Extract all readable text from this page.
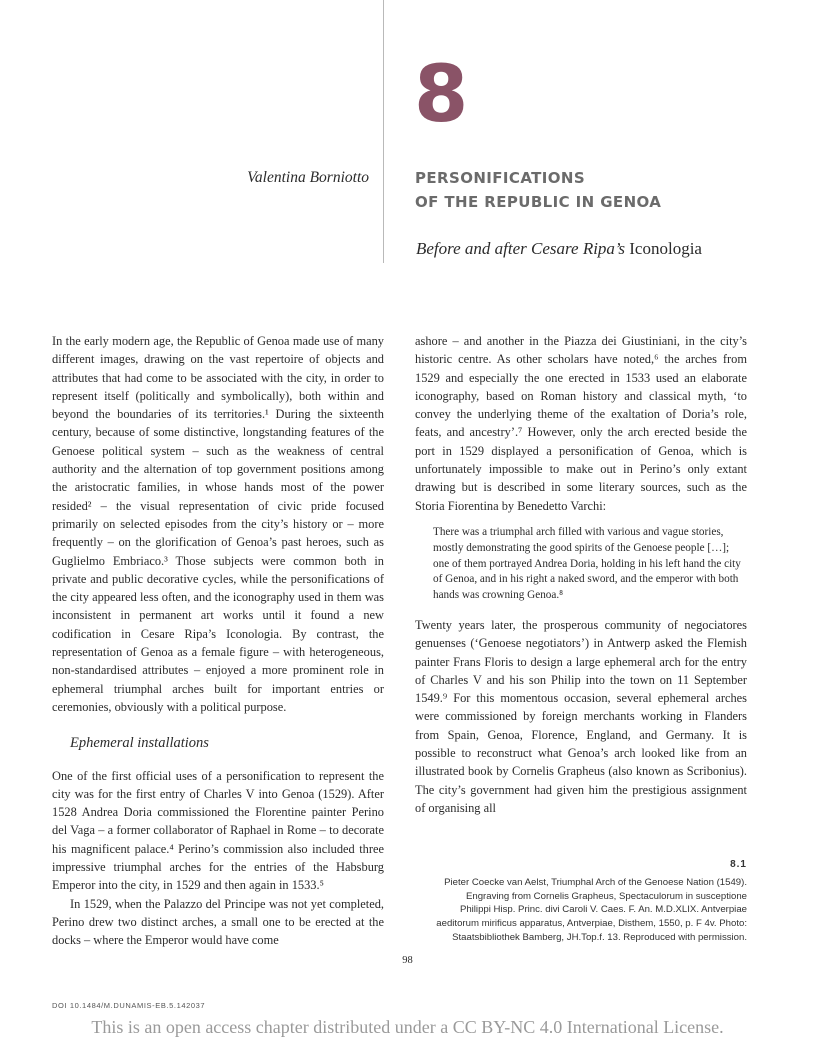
8
Valentina Borniotto	PERSONIFICATIONS
OF THE REPUBLIC IN GENOA
Before and after Cesare Ripa’s Iconologia

In the early modern age, the Republic of Genoa made use of many different images, drawing on the vast repertoire of objects and attributes that had come to be associated with the city, in order to represent itself (politically and symbolically), both within and beyond the boundaries of its territories.¹ During the sixteenth century, because of some distinctive, longstanding features of the Genoese political system – such as the weakness of central authority and the alternation of top government positions among the aristocratic families, in whose hands most of the power resided² – the visual representation of civic pride focused primarily on selected episodes from the city’s history or – more frequently – on the glorification of Genoa’s past heroes, such as Guglielmo Embriaco.³ Those subjects were common both in private and public decorative cycles, while the personifications of the city appeared less often, and the iconography used in them was inconsistent in permanent art works until it found a new codification in Cesare Ripa’s Iconologia. By contrast, the representation of Genoa as a female figure – with heterogeneous, non-standardised attributes – enjoyed a more prominent role in ephemeral triumphal arches built for important entries or ceremonies, obviously with a political purpose.

Ephemeral installations

One of the first official uses of a personification to represent the city was for the first entry of Charles V into Genoa (1529). After 1528 Andrea Doria commissioned the Florentine painter Perino del Vaga – a former collaborator of Raphael in Rome – to decorate his magnificent palace.⁴ Perino’s commission also included three impressive triumphal arches for the entries of the Habsburg Emperor into the city, in 1529 and then again in 1533.⁵

In 1529, when the Palazzo del Principe was not yet completed, Perino drew two distinct arches, a small one to be erected at the docks – where the Emperor would have come

ashore – and another in the Piazza dei Giustiniani, in the city’s historic centre. As other scholars have noted,⁶ the arches from 1529 and especially the one erected in 1533 used an elaborate iconography, based on Roman history and classical myth, ‘to convey the underlying theme of the exaltation of Doria’s role, feats, and ancestry’.⁷ However, only the arch erected beside the port in 1529 displayed a personification of Genoa, which is unfortunately impossible to make out in Perino’s only extant drawing but is described in some literary sources, such as the Storia Fiorentina by Benedetto Varchi:

There was a triumphal arch filled with various and vague stories, mostly demonstrating the good spirits of the Genoese people […]; one of them portrayed Andrea Doria, holding in his left hand the city of Genoa, and in his right a naked sword, and the emperor with both hands was crowning Genoa.⁸

Twenty years later, the prosperous community of negociatores genuenses (‘Genoese negotiators’) in Antwerp asked the Flemish painter Frans Floris to design a large ephemeral arch for the entry of Charles V and his son Philip into the town on 11 September 1549.⁹ For this momentous occasion, several ephemeral arches were commissioned by foreign merchants working in Flanders from Spain, Genoa, Florence, England, and Germany. It is possible to reconstruct what Genoa’s arch looked like from an illustrated book by Cornelis Grapheus (also known as Scribonius). The city’s government had given him the prestigious assignment of organising all

8.1
Pieter Coecke van Aelst, Triumphal Arch of the Genoese Nation (1549). Engraving from Cornelis Grapheus, Spectaculorum in susceptione Philippi Hisp. Princ. divi Caroli V. Caes. F. An. M.D.XLIX. Antverpiae aeditorum mirificus apparatus, Antverpiae, Disthem, 1550, p. F 4v. Photo: Staatsbibliothek Bamberg, JH.Top.f. 13. Reproduced with permission.
98
DOI 10.1484/M.DUNAMIS-EB.5.142037
This is an open access chapter distributed under a CC BY-NC 4.0 International License.
